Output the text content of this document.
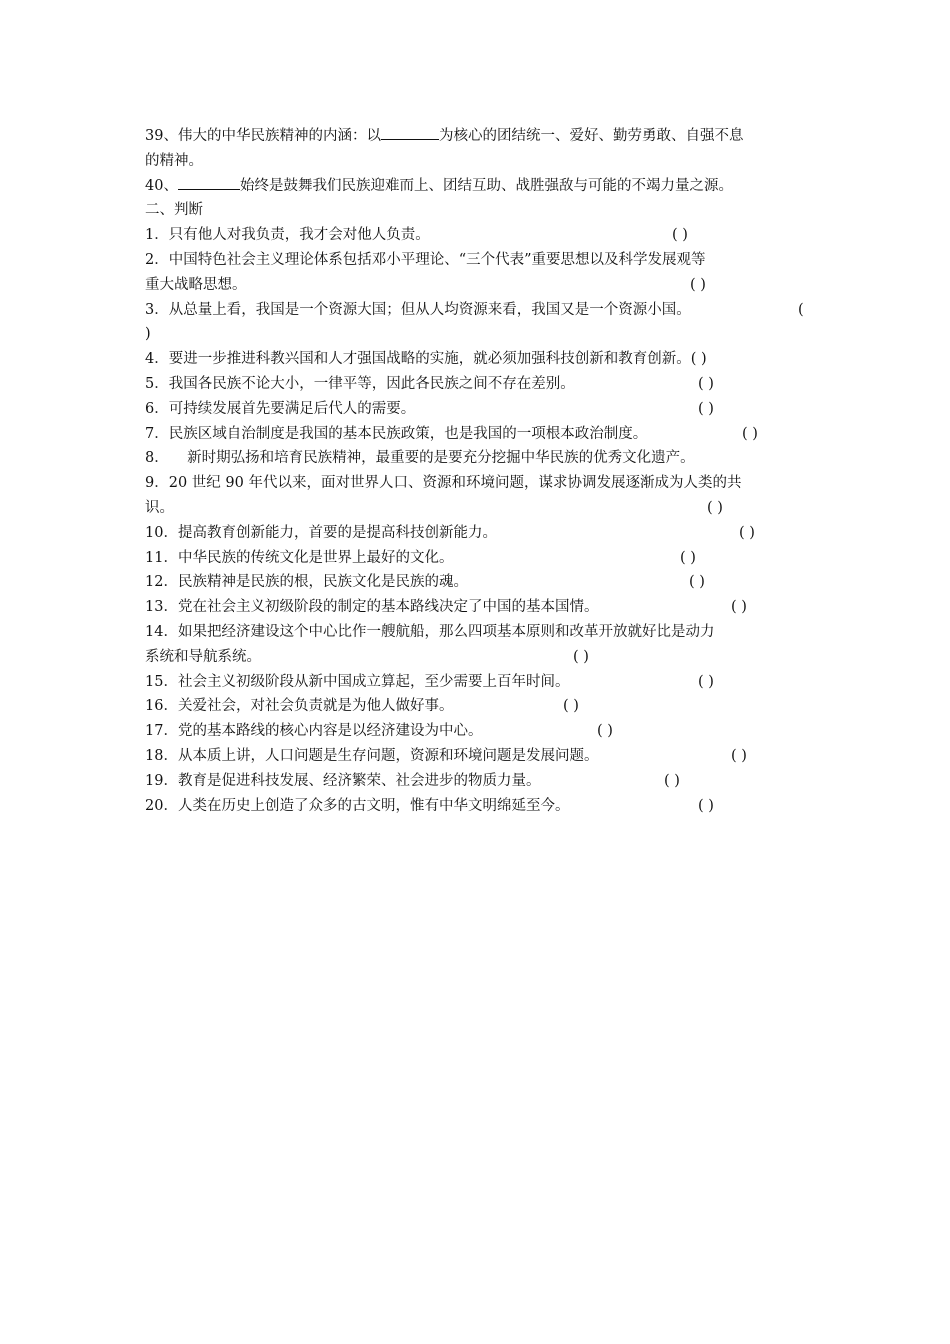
39、伟大的中华民族精神的内涵：以	为核心的团结统一、爱好、勤劳勇敢、自强不息
的精神。
40、	始终是鼓舞我们民族迎难而上、团结互助、战胜强敌与可能的不竭力量之源。
二、判断
1．只有他人对我负责，我才会对他人负责。	( )
2．中国特色社会主义理论体系包括邓小平理论、“三个代表”重要思想以及科学发展观等
重大战略思想。	( )
3．从总量上看，我国是一个资源大国；但从人均资源来看，我国又是一个资源小国。	(
)
4．要进一步推进科教兴国和人才强国战略的实施，就必须加强科技创新和教育创新。( )
5．我国各民族不论大小，一律平等，因此各民族之间不存在差别。	( )
6．可持续发展首先要满足后代人的需要。	( )
7．民族区域自治制度是我国的基本民族政策，也是我国的一项根本政治制度。	( )
8．    新时期弘扬和培育民族精神，最重要的是要充分挖掘中华民族的优秀文化遗产。
9．20 世纪 90 年代以来，面对世界人口、资源和环境问题，谋求协调发展逐渐成为人类的共
识。	( )
10．提高教育创新能力，首要的是提高科技创新能力。	( )
11．中华民族的传统文化是世界上最好的文化。	( )
12．民族精神是民族的根，民族文化是民族的魂。	( )
13．党在社会主义初级阶段的制定的基本路线决定了中国的基本国情。	( )
14．如果把经济建设这个中心比作一艘航船，那么四项基本原则和改革开放就好比是动力
系统和导航系统。	( )
15．社会主义初级阶段从新中国成立算起，至少需要上百年时间。	( )
16．关爱社会，对社会负责就是为他人做好事。	( )
17．党的基本路线的核心内容是以经济建设为中心。	( )
18．从本质上讲，人口问题是生存问题，资源和环境问题是发展问题。	( )
19．教育是促进科技发展、经济繁荣、社会进步的物质力量。	( )
20．人类在历史上创造了众多的古文明，惟有中华文明绵延至今。	( )
